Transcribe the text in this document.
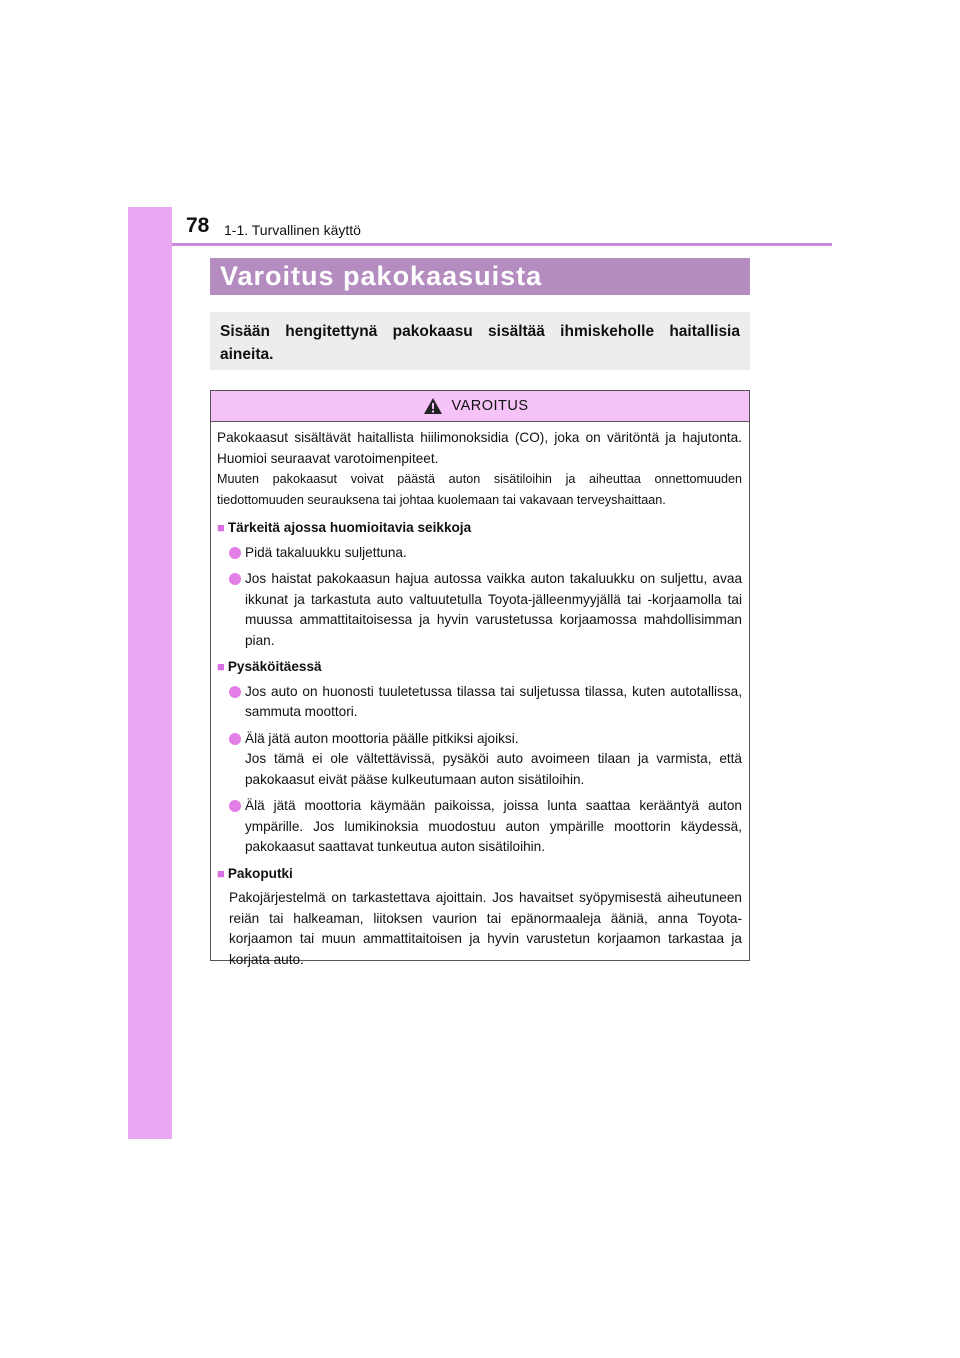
78 1-1. Turvallinen käyttö
Varoitus pakokaasuista
Sisään hengitettynä pakokaasu sisältää ihmiskeholle haitallisia aineita.
VAROITUS
Pakokaasut sisältävät haitallista hiilimonoksidia (CO), joka on väritöntä ja hajutonta. Huomioi seuraavat varotoimenpiteet.
Muuten pakokaasut voivat päästä auton sisätiloihin ja aiheuttaa onnettomuuden tiedottomuuden seurauksena tai johtaa kuolemaan tai vakavaan terveyshaittaan.
■ Tärkeitä ajossa huomioitavia seikkoja
Pidä takaluukku suljettuna.
Jos haistat pakokaasun hajua autossa vaikka auton takaluukku on suljettu, avaa ikkunat ja tarkastuta auto valtuutetulla Toyota-jälleenmyyjällä tai -korjaamolla tai muussa ammattitaitoisessa ja hyvin varustetussa korjaamossa mahdollisimman pian.
■ Pysäköitäessä
Jos auto on huonosti tuuletetussa tilassa tai suljetussa tilassa, kuten autotallissa, sammuta moottori.
Älä jätä auton moottoria päälle pitkiksi ajoiksi.
Jos tämä ei ole vältettävissä, pysäköi auto avoimeen tilaan ja varmista, että pakokaasut eivät pääse kulkeutumaan auton sisätiloihin.
Älä jätä moottoria käymään paikoissa, joissa lunta saattaa kerääntyä auton ympärille. Jos lumikinoksia muodostuu auton ympärille moottorin käydessä, pakokaasut saattavat tunkeutua auton sisätiloihin.
■ Pakoputki
Pakojärjestelmä on tarkastettava ajoittain. Jos havaitset syöpymisestä aiheutuneen reiän tai halkeaman, liitoksen vaurion tai epänormaaleja ääniä, anna Toyota-korjaamon tai muun ammattitaitoisen ja hyvin varustetun korjaamon tarkastaa ja korjata auto.
